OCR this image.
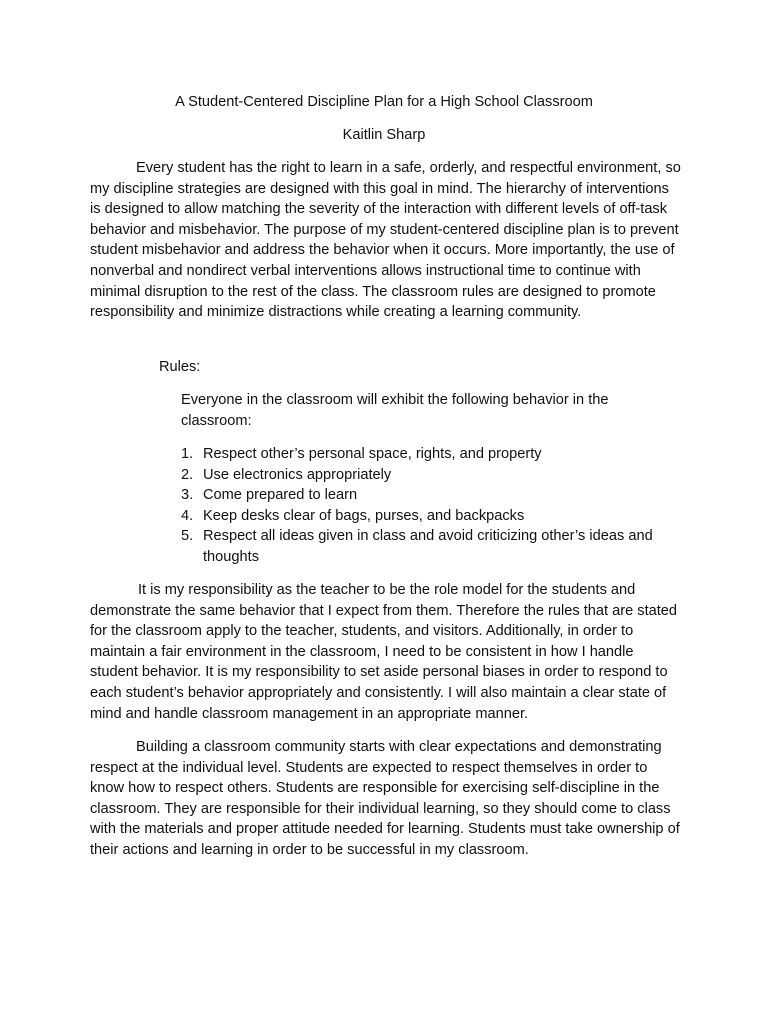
A Student-Centered Discipline Plan for a High School Classroom

Kaitlin Sharp

Every student has the right to learn in a safe, orderly, and respectful environment, so my discipline strategies are designed with this goal in mind. The hierarchy of interventions is designed to allow matching the severity of the interaction with different levels of off-task behavior and misbehavior. The purpose of my student-centered discipline plan is to prevent student misbehavior and address the behavior when it occurs. More importantly, the use of nonverbal and nondirect verbal interventions allows instructional time to continue with minimal disruption to the rest of the class. The classroom rules are designed to promote responsibility and minimize distractions while creating a learning community.

Rules:

Everyone in the classroom will exhibit the following behavior in the classroom:

1. Respect other’s personal space, rights, and property
2. Use electronics appropriately
3. Come prepared to learn
4. Keep desks clear of bags, purses, and backpacks
5. Respect all ideas given in class and avoid criticizing other’s ideas and thoughts

It is my responsibility as the teacher to be the role model for the students and demonstrate the same behavior that I expect from them. Therefore the rules that are stated for the classroom apply to the teacher, students, and visitors. Additionally, in order to maintain a fair environment in the classroom, I need to be consistent in how I handle student behavior. It is my responsibility to set aside personal biases in order to respond to each student’s behavior appropriately and consistently. I will also maintain a clear state of mind and handle classroom management in an appropriate manner.

Building a classroom community starts with clear expectations and demonstrating respect at the individual level. Students are expected to respect themselves in order to know how to respect others. Students are responsible for exercising self-discipline in the classroom. They are responsible for their individual learning, so they should come to class with the materials and proper attitude needed for learning. Students must take ownership of their actions and learning in order to be successful in my classroom.
